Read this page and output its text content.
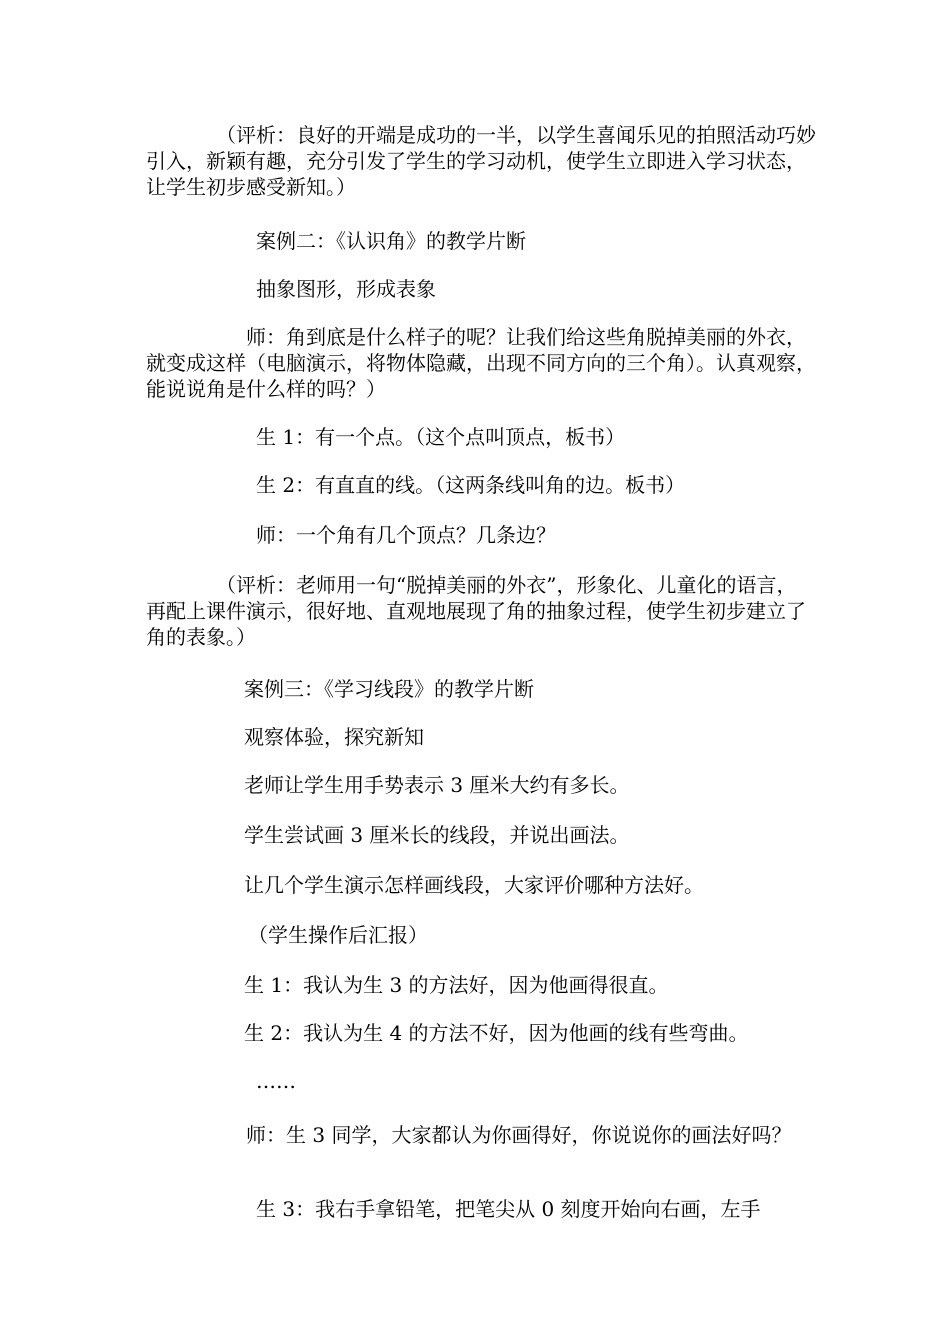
　　　　（评析：良好的开端是成功的一半，以学生喜闻乐见的拍照活动巧妙引入，新颖有趣，充分引发了学生的学习动机，使学生立即进入学习状态，让学生初步感受新知。）

案例二：《认识角》的教学片断

抽象图形，形成表象

　　　　　师：角到底是什么样子的呢？让我们给这些角脱掉美丽的外衣，就变成这样（电脑演示，将物体隐藏，出现不同方向的三个角）。认真观察，能说说角是什么样的吗？）

生 1：有一个点。（这个点叫顶点，板书）

生 2：有直直的线。（这两条线叫角的边。板书）

师：一个角有几个顶点？几条边？

　　　　（评析：老师用一句“脱掉美丽的外衣”，形象化、儿童化的语言，再配上课件演示，很好地、直观地展现了角的抽象过程，使学生初步建立了角的表象。）

案例三：《学习线段》的教学片断

观察体验，探究新知

老师让学生用手势表示 3 厘米大约有多长。

学生尝试画 3 厘米长的线段，并说出画法。

让几个学生演示怎样画线段，大家评价哪种方法好。

（学生操作后汇报）

生 1：我认为生 3 的方法好，因为他画得很直。

生 2：我认为生 4 的方法不好，因为他画的线有些弯曲。

……

　　　　　师：生 3 同学，大家都认为你画得好，你说说你的画法好吗？

生 3：我右手拿铅笔，把笔尖从 0 刻度开始向右画，左手
